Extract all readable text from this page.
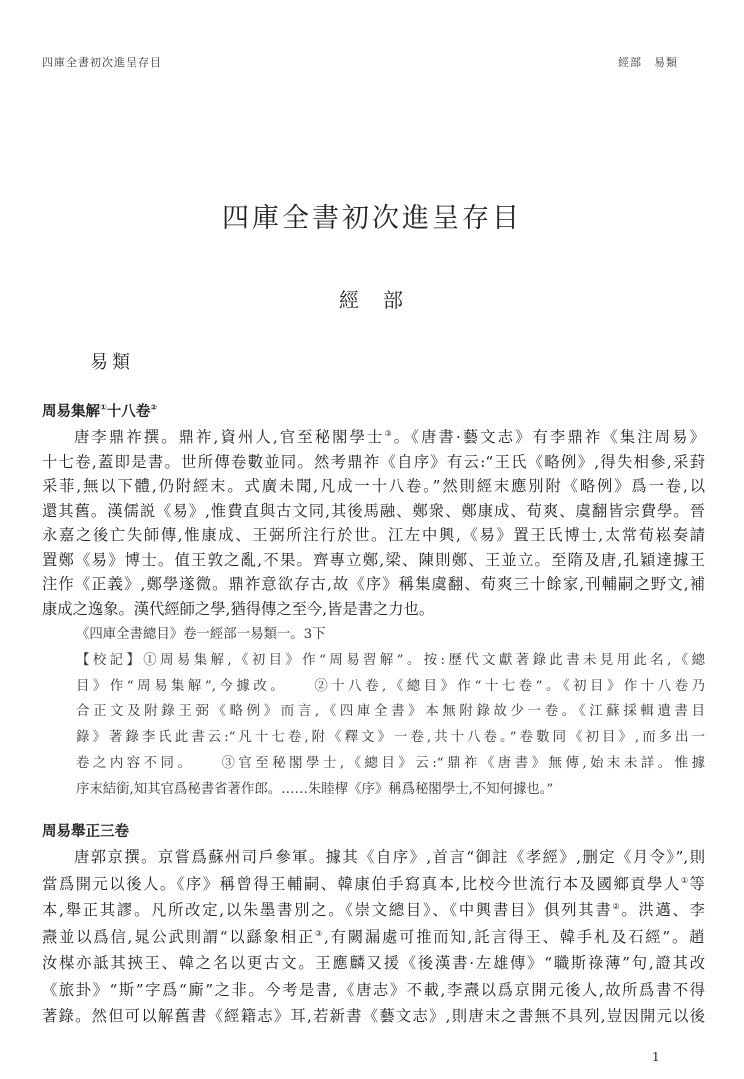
四庫全書初次進呈存目	經部　易類
四庫全書初次進呈存目
經　部
易類
周易集解①十八卷②
唐李鼎祚撰。鼎祚,資州人,官至秘閣學士③。《唐書·藝文志》有李鼎祚《集注周易》
十七卷,蓋即是書。世所傳卷數並同。然考鼎祚《自序》有云:“王氏《略例》,得失相參,采葑
采菲,無以下體,仍附經末。式廣未聞,凡成一十八卷。”然則經末應別附《略例》爲一卷,以
還其舊。漢儒説《易》,惟費直與古文同,其後馬融、鄭衆、鄭康成、荀爽、虞翻皆宗費學。晉
永嘉之後亡失師傳,惟康成、王弼所注行於世。江左中興,《易》置王氏博士,太常荀崧奏請
置鄭《易》博士。值王敦之亂,不果。齊專立鄭,梁、陳則鄭、王並立。至隋及唐,孔穎達據王
注作《正義》,鄭學遂微。鼎祚意欲存古,故《序》稱集虞翻、荀爽三十餘家,刊輔嗣之野文,補
康成之逸象。漢代經師之學,猶得傳之至今,皆是書之力也。
《四庫全書總目》卷一經部一易類一。3下
【校記】①周易集解,《初目》作“周易習解”。按:歷代文獻著錄此書未見用此名,《總
目》作“周易集解”,今據改。　　②十八卷,《總目》作“十七卷”。《初目》作十八卷乃
合正文及附錄王弼《略例》而言,《四庫全書》本無附錄故少一卷。《江蘇採輯遺書目
錄》著錄李氏此書云:“凡十七卷,附《釋文》一卷,共十八卷。”卷數同《初目》,而多出一
卷之内容不同。　　③官至秘閣學士,《總目》云:“鼎祚《唐書》無傳,始末未詳。惟據
序末結銜,知其官爲秘書省著作郎。……朱睦㮮《序》稱爲秘閣學士,不知何據也。”
周易舉正三卷
唐郭京撰。京嘗爲蘇州司戶參軍。據其《自序》,首言“御註《孝經》,删定《月令》”,則
當爲開元以後人。《序》稱曾得王輔嗣、韓康伯手寫真本,比校今世流行本及國鄉貢學人①等
本,舉正其謬。凡所改定,以朱墨書別之。《崇文總目》、《中興書目》俱列其書②。洪邁、李
燾並以爲信,晁公武則謂“以繇象相正③,有闕漏處可推而知,託言得王、韓手札及石經”。趙
汝楳亦詆其挾王、韓之名以更古文。王應麟又援《後漢書·左雄傳》“職斯祿薄”句,證其改
《旅卦》“斯”字爲“廝”之非。今考是書,《唐志》不載,李燾以爲京開元後人,故所爲書不得
著錄。然但可以解舊書《經籍志》耳,若新書《藝文志》,則唐末之書無不具列,豈因開元以後
1
